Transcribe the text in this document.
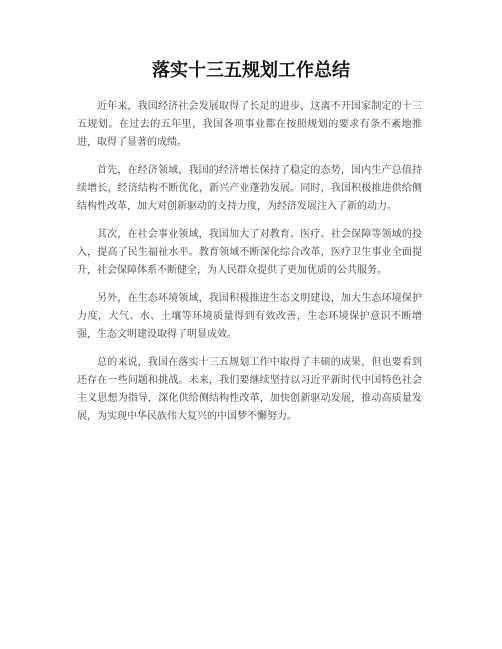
落实十三五规划工作总结

近年来，我国经济社会发展取得了长足的进步，这离不开国家制定的十三五规划。在过去的五年里，我国各项事业都在按照规划的要求有条不紊地推进，取得了显著的成绩。

首先，在经济领域，我国的经济增长保持了稳定的态势，国内生产总值持续增长，经济结构不断优化，新兴产业蓬勃发展。同时，我国积极推进供给侧结构性改革，加大对创新驱动的支持力度，为经济发展注入了新的动力。

其次，在社会事业领域，我国加大了对教育、医疗、社会保障等领域的投入，提高了民生福祉水平。教育领域不断深化综合改革，医疗卫生事业全面提升，社会保障体系不断健全，为人民群众提供了更加优质的公共服务。

另外，在生态环境领域，我国积极推进生态文明建设，加大生态环境保护力度，大气、水、土壤等环境质量得到有效改善，生态环境保护意识不断增强，生态文明建设取得了明显成效。

总的来说，我国在落实十三五规划工作中取得了丰硕的成果，但也要看到还存在一些问题和挑战。未来，我们要继续坚持以习近平新时代中国特色社会主义思想为指导，深化供给侧结构性改革，加快创新驱动发展，推动高质量发展，为实现中华民族伟大复兴的中国梦不懈努力。
